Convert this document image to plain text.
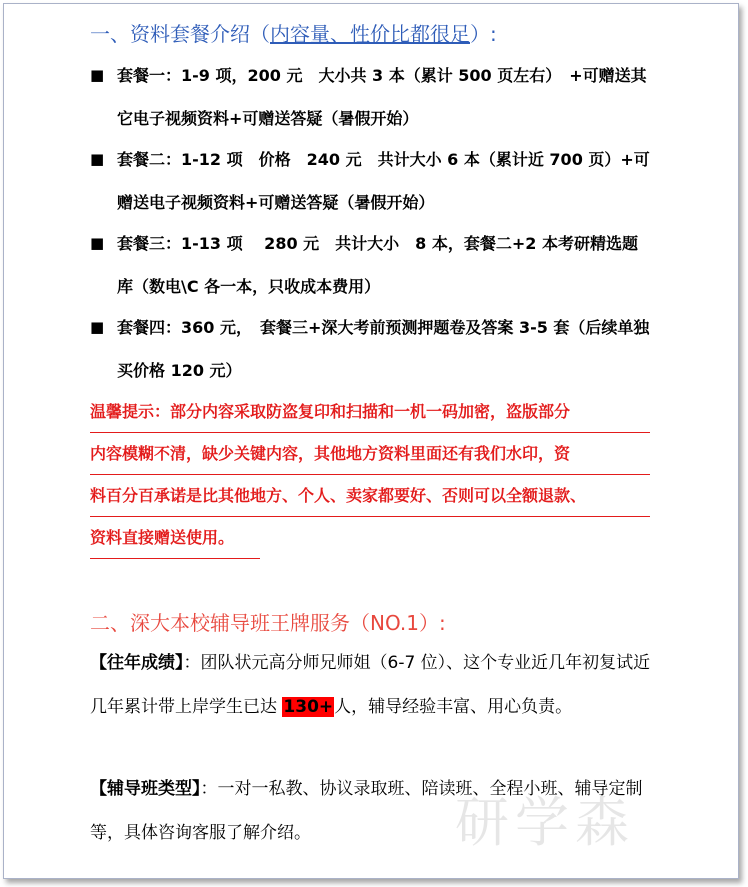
研学森
一、资料套餐介绍（内容量、性价比都很足）:
■ 套餐一：1-9 项，200 元　大小共 3 本（累计 500 页左右）　+可赠送其它电子视频资料+可赠送答疑（暑假开始）
■ 套餐二：1-12 项　价格　240 元　共计大小 6 本（累计近 700 页）+可赠送电子视频资料+可赠送答疑（暑假开始）
■ 套餐三：1-13 项　 280 元　共计大小　8 本，套餐二+2 本考研精选题库（数电\C 各一本，只收成本费用）
■ 套餐四：360 元，　套餐三+深大考前预测押题卷及答案 3-5 套（后续单独买价格 120 元）
温馨提示：部分内容采取防盗复印和扫描和一机一码加密，盗版部分
内容模糊不清，缺少关键内容，其他地方资料里面还有我们水印，资
料百分百承诺是比其他地方、个人、卖家都要好、否则可以全额退款、
资料直接赠送使用。
二、深大本校辅导班王牌服务（NO.1）:
【往年成绩】：团队状元高分师兄师姐（6-7 位）、这个专业近几年初复试近几年累计带上岸学生已达 130+人，辅导经验丰富、用心负责。
【辅导班类型】：一对一私教、协议录取班、陪读班、全程小班、辅导定制等，具体咨询客服了解介绍。
